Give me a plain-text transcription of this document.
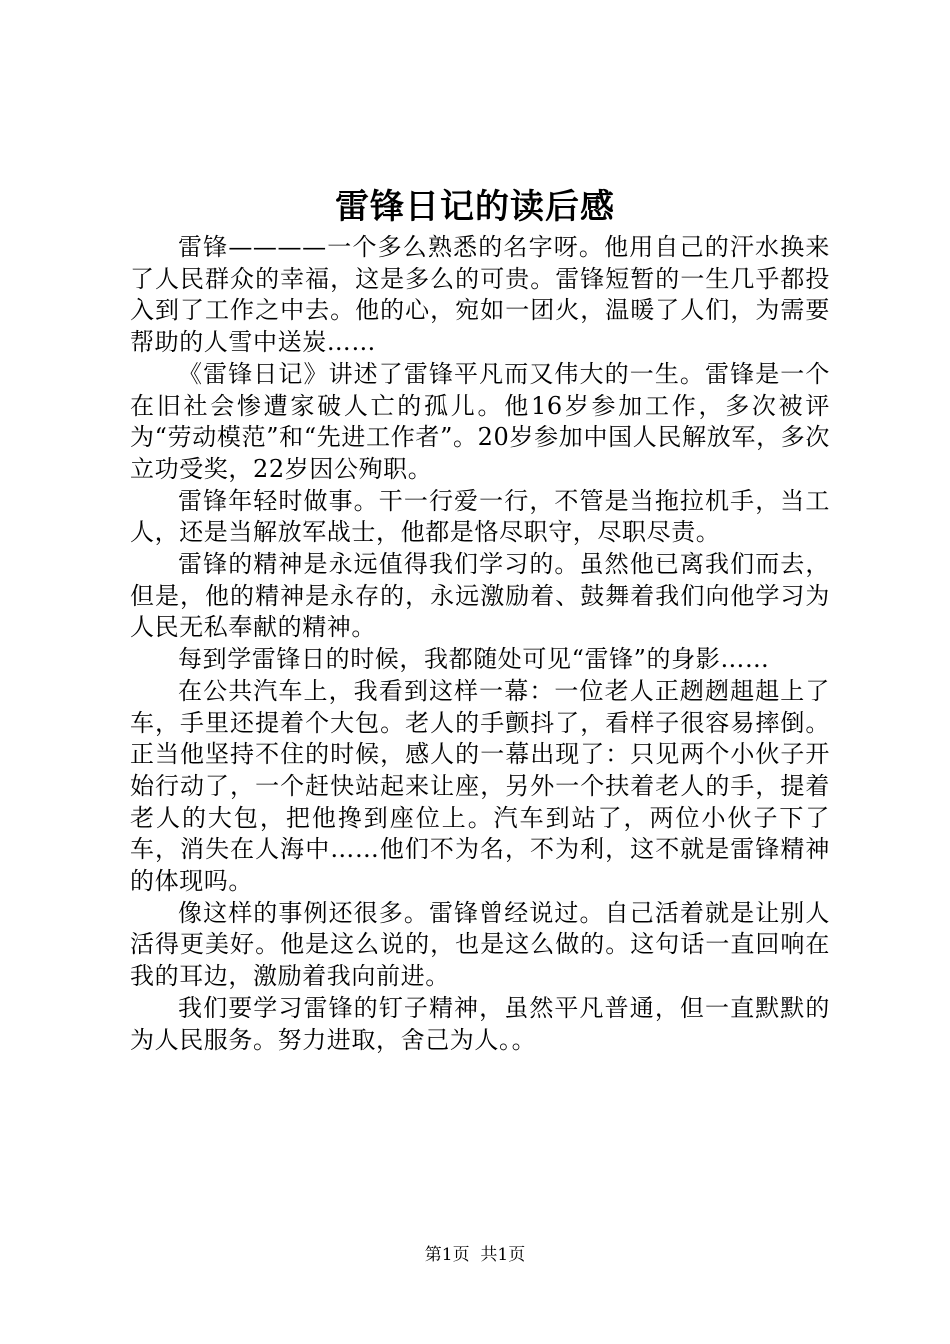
雷锋日记的读后感

雷锋————一个多么熟悉的名字呀。他用自己的汗水换来了人民群众的幸福，这是多么的可贵。雷锋短暂的一生几乎都投入到了工作之中去。他的心，宛如一团火，温暖了人们，为需要帮助的人雪中送炭……

《雷锋日记》讲述了雷锋平凡而又伟大的一生。雷锋是一个在旧社会惨遭家破人亡的孤儿。他16岁参加工作，多次被评为“劳动模范”和“先进工作者”。20岁参加中国人民解放军，多次立功受奖，22岁因公殉职。

雷锋年轻时做事。干一行爱一行，不管是当拖拉机手，当工人，还是当解放军战士，他都是恪尽职守，尽职尽责。

雷锋的精神是永远值得我们学习的。虽然他已离我们而去，但是，他的精神是永存的，永远激励着、鼓舞着我们向他学习为人民无私奉献的精神。

每到学雷锋日的时候，我都随处可见“雷锋”的身影……

在公共汽车上，我看到这样一幕：一位老人正趔趔趄趄上了车，手里还提着个大包。老人的手颤抖了，看样子很容易摔倒。正当他坚持不住的时候，感人的一幕出现了：只见两个小伙子开始行动了，一个赶快站起来让座，另外一个扶着老人的手，提着老人的大包，把他搀到座位上。汽车到站了，两位小伙子下了车，消失在人海中……他们不为名，不为利，这不就是雷锋精神的体现吗。

像这样的事例还很多。雷锋曾经说过。自己活着就是让别人活得更美好。他是这么说的，也是这么做的。这句话一直回响在我的耳边，激励着我向前进。

我们要学习雷锋的钉子精神，虽然平凡普通，但一直默默的为人民服务。努力进取，舍己为人。。

第1页  共1页
